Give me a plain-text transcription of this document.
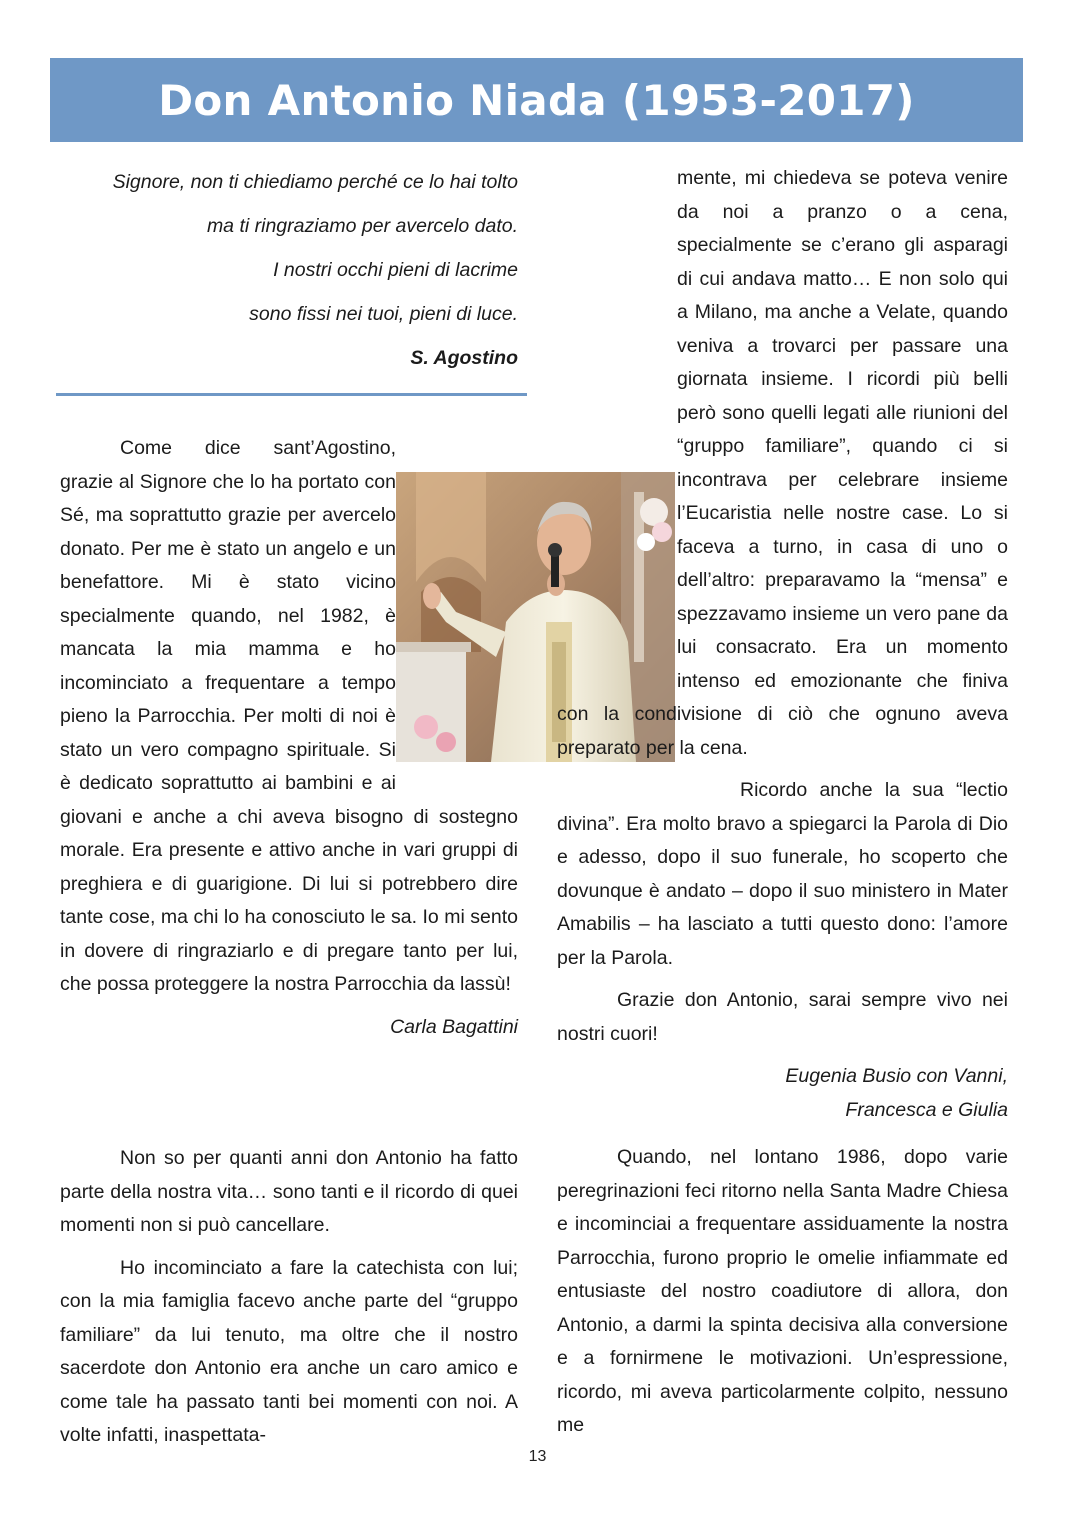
Don Antonio Niada (1953-2017)
Signore, non ti chiediamo perché ce lo hai tolto
ma ti ringraziamo per avercelo dato.
I nostri occhi pieni di lacrime
sono fissi nei tuoi, pieni di luce.
S. Agostino

Come dice sant’Agostino, grazie al Signore che lo ha portato con Sé, ma soprattutto grazie per avercelo donato. Per me è stato un angelo e un benefattore. Mi è stato vicino specialmente quando, nel 1982, è mancata la mia mamma e ho incominciato a frequentare a tempo pieno la Parrocchia. Per molti di noi è stato un vero compagno spirituale. Si è dedicato soprattutto ai bambini e ai giovani e anche a chi aveva bisogno di sostegno morale. Era presente e attivo anche in vari gruppi di preghiera e di guarigione. Di lui si potrebbero dire tante cose, ma chi lo ha conosciuto le sa. Io mi sento in dovere di ringraziarlo e di pregare tanto per lui, che possa proteggere la nostra Parrocchia da lassù!

Carla Bagattini

Non so per quanti anni don Antonio ha fatto parte della nostra vita… sono tanti e il ricordo di quei momenti non si può cancellare.

Ho incominciato a fare la catechista con lui; con la mia famiglia facevo anche parte del “gruppo familiare” da lui tenuto, ma oltre che il nostro sacerdote don Antonio era anche un caro amico e come tale ha passato tanti bei momenti con noi. A volte infatti, inaspettata-

mente, mi chiedeva se poteva venire da noi a pranzo o a cena, specialmente se c’erano gli asparagi di cui andava matto… E non solo qui a Milano, ma anche a Velate, quando veniva a trovarci per passare una giornata insieme. I ricordi più belli però sono quelli legati alle riunioni del “gruppo familiare”, quando ci si incontrava per celebrare insieme l’Eucaristia nelle nostre case. Lo si faceva a turno, in casa di uno o dell’altro: preparavamo la “mensa” e spezzavamo insieme un vero pane da lui consacrato. Era un momento intenso ed emozionante che finiva con la condivisione di ciò che ognuno aveva preparato per la cena.

Ricordo anche la sua “lectio divina”. Era molto bravo a spiegarci la Parola di Dio e adesso, dopo il suo funerale, ho scoperto che dovunque è andato – dopo il suo ministero in Mater Amabilis – ha lasciato a tutti questo dono: l’amore per la Parola.

Grazie don Antonio, sarai sempre vivo nei nostri cuori!

Eugenia Busio con Vanni,

Francesca e Giulia

Quando, nel lontano 1986, dopo varie peregrinazioni feci ritorno nella Santa Madre Chiesa e incominciai a frequentare assiduamente la nostra Parrocchia, furono proprio le omelie infiammate ed entusiaste del nostro coadiutore di allora, don Antonio, a darmi la spinta decisiva alla conversione e a fornirmene le motivazioni. Un’espressione, ricordo, mi aveva particolarmente colpito, nessuno me

13
